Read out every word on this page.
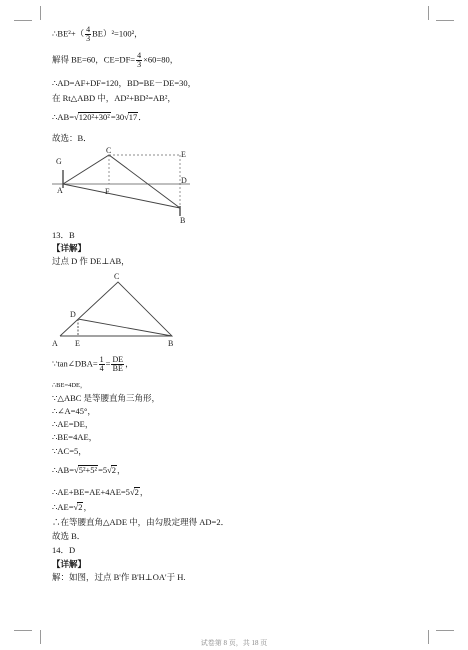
∴BE²+（ $\frac{4}{3} BE)^2=100^2$，
解得 BE=60，$CE=DF= \frac{4}{3} \times 60=80$，
∴AD=AF+DF=120，BD=BE－DE=30，
在 Rt△ABD 中，AD²+BD²=AB²，
∴AB=√120²+30²=30√17．
故选：B．
G
C	E
D
A	F
B
13．B
【详解】
过点 D 作 DE⊥AB，
C
D
A E	B
∵tan∠DBA= $\frac{1}{4} = \frac{DE}{BE}$ ，
∴BE=4DE，
∵△ABC 是等腰直角三角形，
∴∠A=45°，
∴AE=DE，
∴BE=4AE，
∵AC=5，
∴AB=√5²+5²=5√2，
∴AE+BE=AE+4AE=5√2，
∴AE=√2，
∴在等腰直角△ADE 中，由勾股定理得 AD=2．
故选 B．
14．D
【详解】
解：如图，过点 B'作 B'H⊥OA'于 H.
试卷第 8 页，共 18 页
